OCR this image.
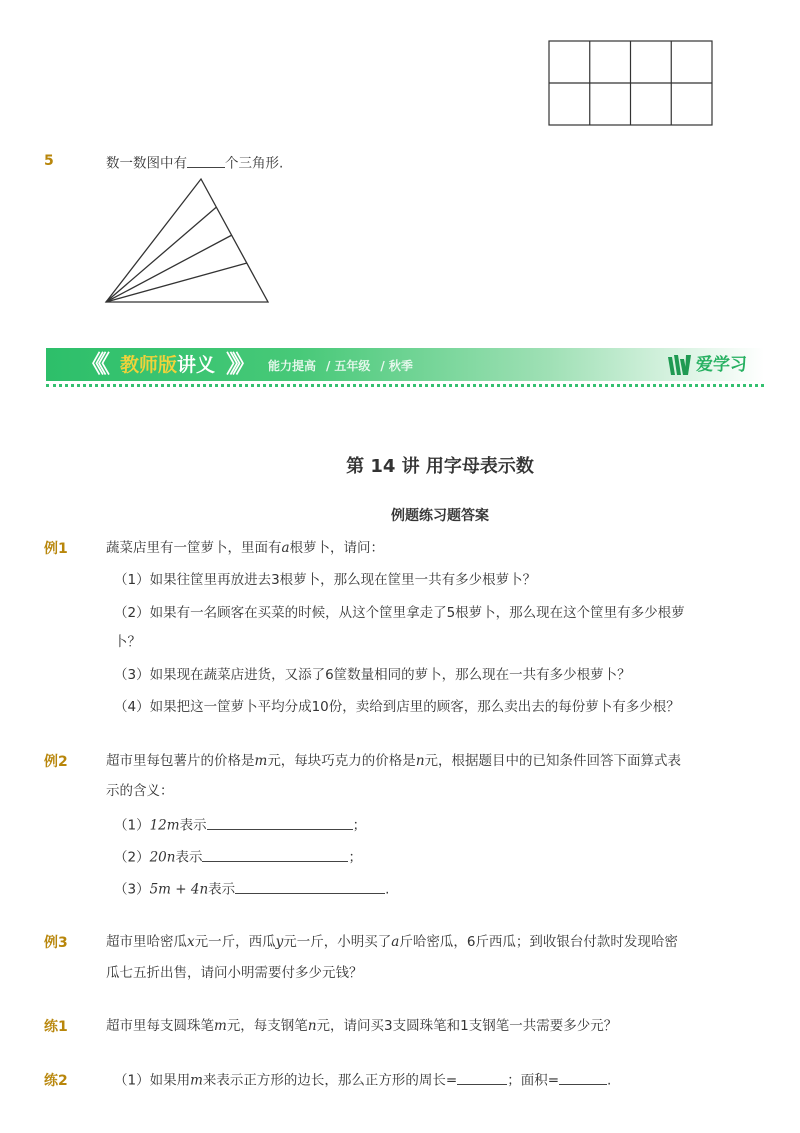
5	数一数图中有	个三角形.
《《 教师版讲义 》》 能力提高 / 五年级 / 秋季	爱学习
第 14 讲 用字母表示数
例题练习题答案
例1	蔬菜店里有一筐萝卜，里面有a根萝卜，请问：
（1）如果往筐里再放进去3根萝卜，那么现在筐里一共有多少根萝卜？
（2）如果有一名顾客在买菜的时候，从这个筐里拿走了5根萝卜，那么现在这个筐里有多少根萝
卜？
（3）如果现在蔬菜店进货，又添了6筐数量相同的萝卜，那么现在一共有多少根萝卜？
（4）如果把这一筐萝卜平均分成10份，卖给到店里的顾客，那么卖出去的每份萝卜有多少根？
例2	超市里每包薯片的价格是m元，每块巧克力的价格是n元，根据题目中的已知条件回答下面算式表
示的含义：
（1）12m表示	；
（2）20n表示	；
（3）5m + 4n表示	.
例3	超市里哈密瓜x元一斤，西瓜y元一斤，小明买了a斤哈密瓜，6斤西瓜；到收银台付款时发现哈密
瓜七五折出售，请问小明需要付多少元钱？
练1	超市里每支圆珠笔m元，每支钢笔n元，请问买3支圆珠笔和1支钢笔一共需要多少元？
练2	（1）如果用m来表示正方形的边长，那么正方形的周长=	；面积=	.
